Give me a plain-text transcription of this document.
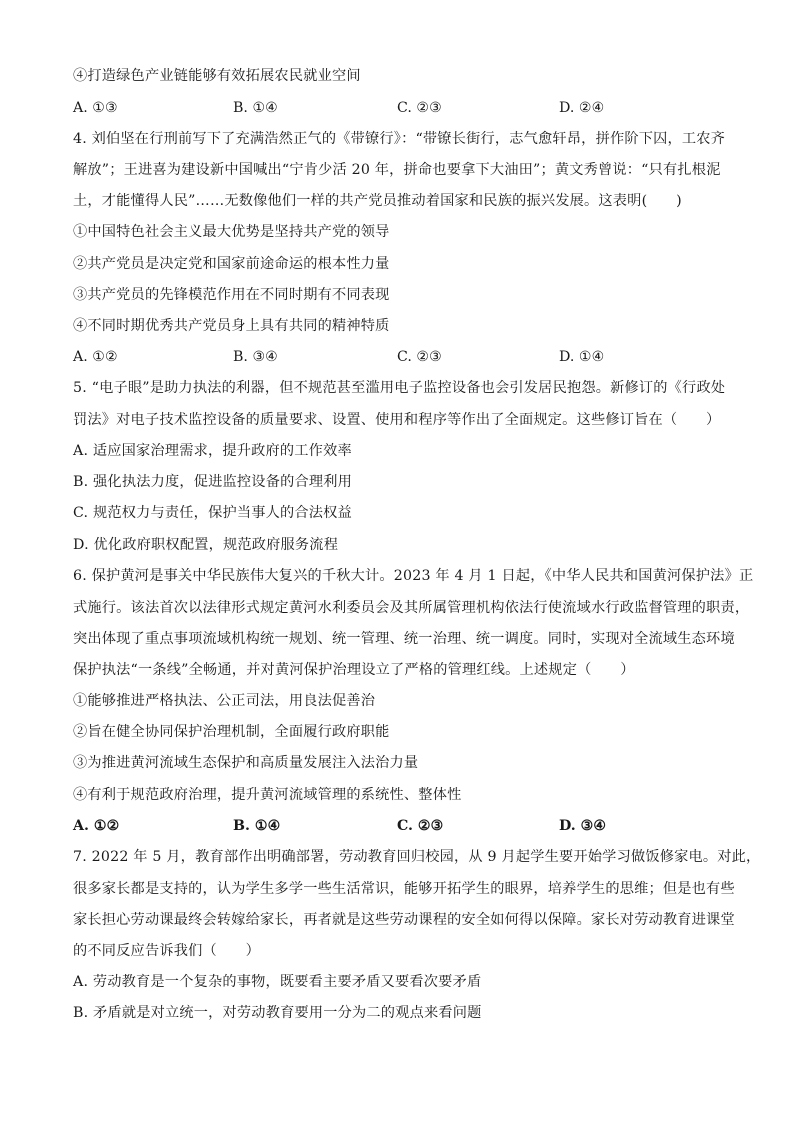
④打造绿色产业链能够有效拓展农民就业空间
A. ①③	B. ①④	C. ②③	D. ②④
4. 刘伯坚在行刑前写下了充满浩然正气的《带镣行》：“带镣长街行，志气愈轩昂，拼作阶下囚，工农齐
解放”；王进喜为建设新中国喊出“宁肯少活 20 年，拼命也要拿下大油田”；黄文秀曾说：“只有扎根泥
土，才能懂得人民”……无数像他们一样的共产党员推动着国家和民族的振兴发展。这表明(　　)
①中国特色社会主义最大优势是坚持共产党的领导
②共产党员是决定党和国家前途命运的根本性力量
③共产党员的先锋模范作用在不同时期有不同表现
④不同时期优秀共产党员身上具有共同的精神特质
A. ①②	B. ③④	C. ②③	D. ①④
5. “电子眼”是助力执法的利器，但不规范甚至滥用电子监控设备也会引发居民抱怨。新修订的《行政处
罚法》对电子技术监控设备的质量要求、设置、使用和程序等作出了全面规定。这些修订旨在（　　）
A. 适应国家治理需求，提升政府的工作效率
B. 强化执法力度，促进监控设备的合理利用
C. 规范权力与责任，保护当事人的合法权益
D. 优化政府职权配置，规范政府服务流程
6. 保护黄河是事关中华民族伟大复兴的千秋大计。2023 年 4 月 1 日起，《中华人民共和国黄河保护法》正
式施行。该法首次以法律形式规定黄河水利委员会及其所属管理机构依法行使流域水行政监督管理的职责，
突出体现了重点事项流域机构统一规划、统一管理、统一治理、统一调度。同时，实现对全流域生态环境
保护执法“一条线”全畅通，并对黄河保护治理设立了严格的管理红线。上述规定（　　）
①能够推进严格执法、公正司法，用良法促善治
②旨在健全协同保护治理机制，全面履行政府职能
③为推进黄河流域生态保护和高质量发展注入法治力量
④有利于规范政府治理，提升黄河流域管理的系统性、整体性
A. ①②	B. ①④	C. ②③	D. ③④
7. 2022 年 5 月，教育部作出明确部署，劳动教育回归校园，从 9 月起学生要开始学习做饭修家电。对此，
很多家长都是支持的，认为学生多学一些生活常识，能够开拓学生的眼界，培养学生的思维；但是也有些
家长担心劳动课最终会转嫁给家长，再者就是这些劳动课程的安全如何得以保障。家长对劳动教育进课堂
的不同反应告诉我们（　　）
A. 劳动教育是一个复杂的事物，既要看主要矛盾又要看次要矛盾
B. 矛盾就是对立统一，对劳动教育要用一分为二的观点来看问题
